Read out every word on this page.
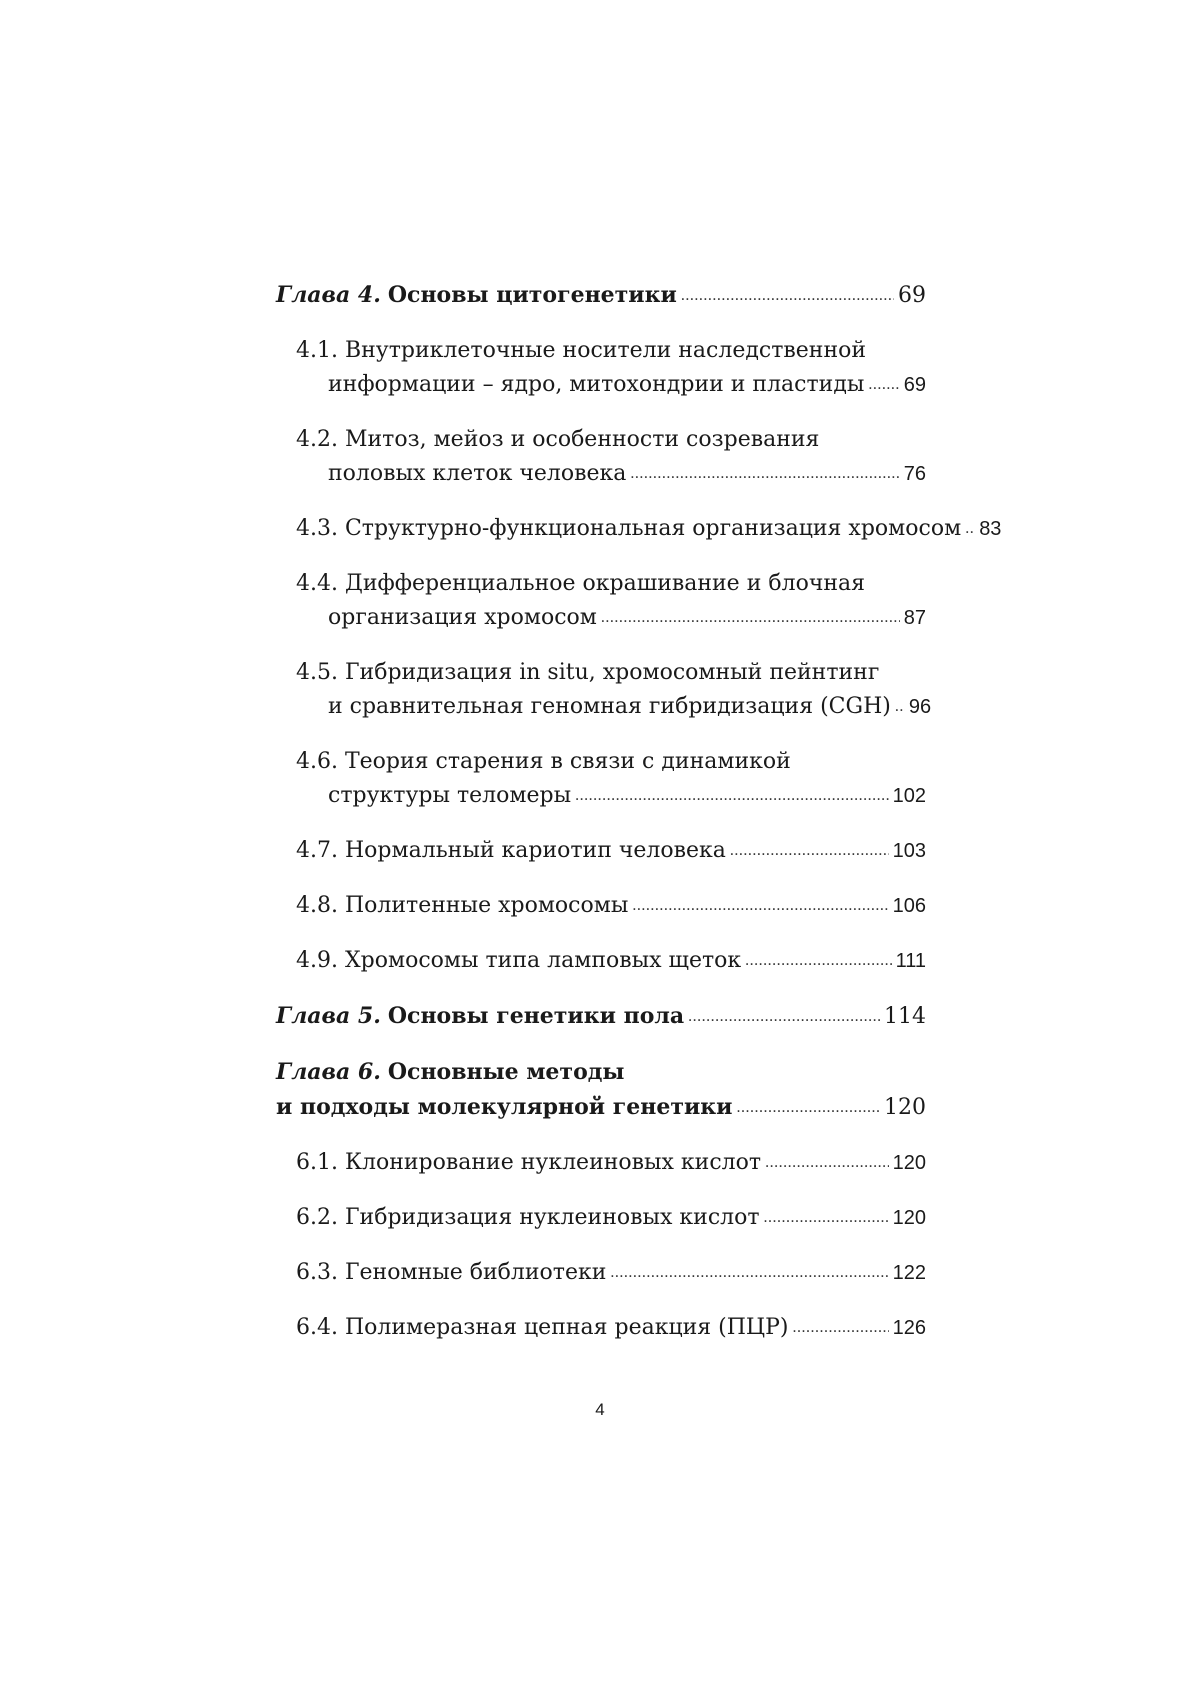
Глава 4. Основы цитогенетики .....	69
4.1. Внутриклеточные носители наследственной
информации – ядро, митохондрии и пластиды ..... 69
4.2. Митоз, мейоз и особенности созревания
половых клеток человека .....	76
4.3. Структурно-функциональная организация хромосом ..... 83
4.4. Дифференциальное окрашивание и блочная
организация хромосом .....	87
4.5. Гибридизация in situ, хромосомный пейнтинг
и сравнительная геномная гибридизация (CGH) ..... 96
4.6. Теория старения в связи с динамикой
структуры теломеры .....	102
4.7. Нормальный кариотип человека .....	103
4.8. Политенные хромосомы .....	106
4.9. Хромосомы типа ламповых щеток .....	111
Глава 5. Основы генетики пола .....	114
Глава 6. Основные методы
и подходы молекулярной генетики .....	120
6.1. Клонирование нуклеиновых кислот .....	120
6.2. Гибридизация нуклеиновых кислот .....	120
6.3. Геномные библиотеки .....	122
6.4. Полимеразная цепная реакция (ПЦР) .....	126
4
